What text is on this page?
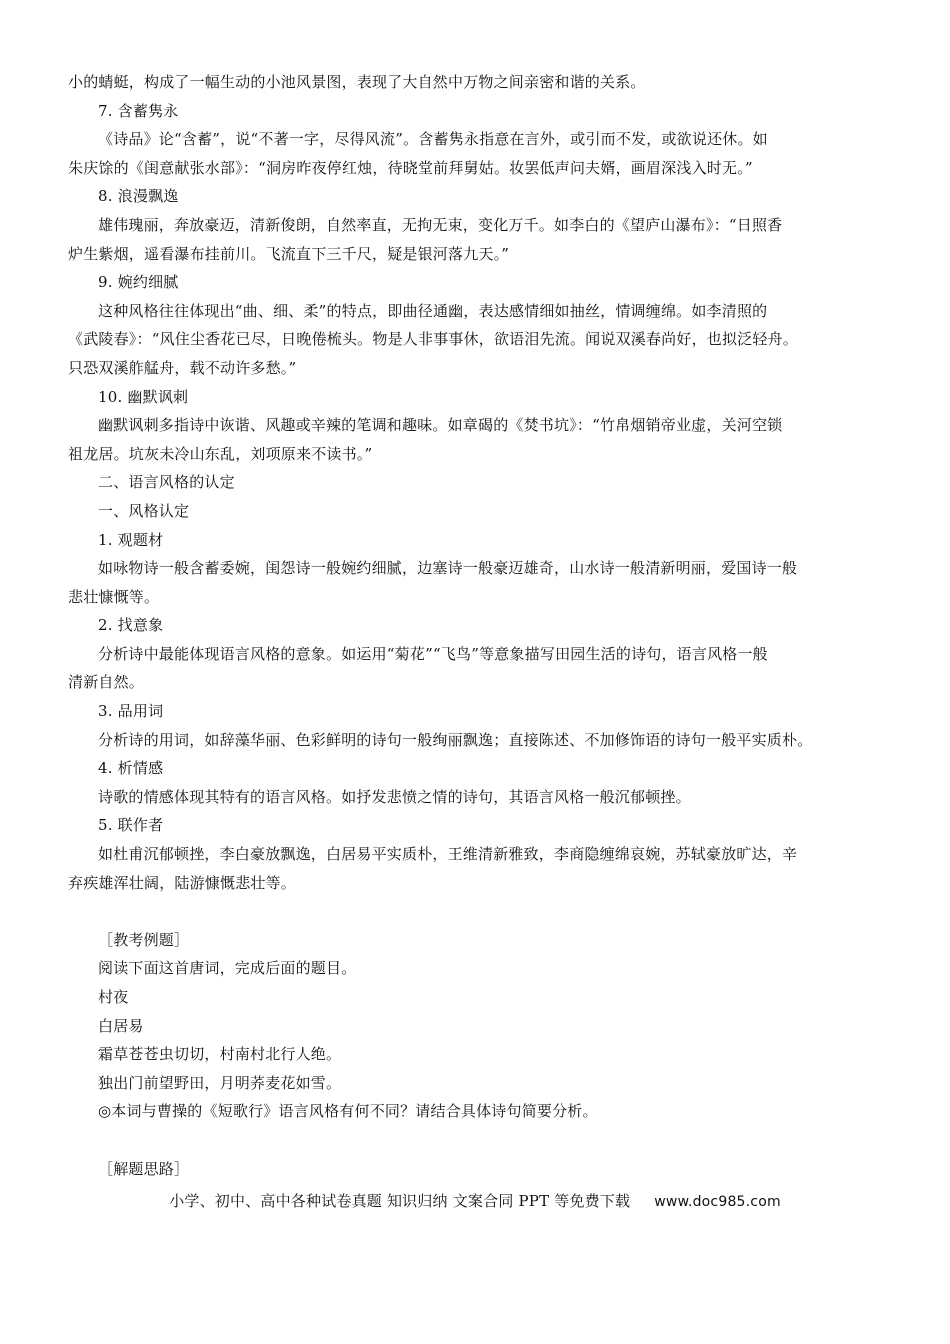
小的蜻蜓，构成了一幅生动的小池风景图，表现了大自然中万物之间亲密和谐的关系。
7. 含蓄隽永
《诗品》论“含蓄”，说“不著一字，尽得风流”。含蓄隽永指意在言外，或引而不发，或欲说还休。如
朱庆馀的《闺意献张水部》：“洞房昨夜停红烛，待晓堂前拜舅姑。妆罢低声问夫婿，画眉深浅入时无。”
8. 浪漫飘逸
雄伟瑰丽，奔放豪迈，清新俊朗，自然率直，无拘无束，变化万千。如李白的《望庐山瀑布》：“日照香
炉生紫烟，遥看瀑布挂前川。飞流直下三千尺，疑是银河落九天。”
9. 婉约细腻
这种风格往往体现出“曲、细、柔”的特点，即曲径通幽，表达感情细如抽丝，情调缠绵。如李清照的
《武陵春》：“风住尘香花已尽，日晚倦梳头。物是人非事事休，欲语泪先流。闻说双溪春尚好，也拟泛轻舟。
只恐双溪舴艋舟，载不动许多愁。”
10. 幽默讽刺
幽默讽刺多指诗中诙谐、风趣或辛辣的笔调和趣味。如章碣的《焚书坑》：“竹帛烟销帝业虚，关河空锁
祖龙居。坑灰未冷山东乱，刘项原来不读书。”
二、语言风格的认定
一、风格认定
1. 观题材
如咏物诗一般含蓄委婉，闺怨诗一般婉约细腻，边塞诗一般豪迈雄奇，山水诗一般清新明丽，爱国诗一般
悲壮慷慨等。
2. 找意象
分析诗中最能体现语言风格的意象。如运用“菊花”“飞鸟”等意象描写田园生活的诗句，语言风格一般
清新自然。
3. 品用词
分析诗的用词，如辞藻华丽、色彩鲜明的诗句一般绚丽飘逸；直接陈述、不加修饰语的诗句一般平实质朴。
4. 析情感
诗歌的情感体现其特有的语言风格。如抒发悲愤之情的诗句，其语言风格一般沉郁顿挫。
5. 联作者
如杜甫沉郁顿挫，李白豪放飘逸，白居易平实质朴，王维清新雅致，李商隐缠绵哀婉，苏轼豪放旷达，辛
弃疾雄浑壮阔，陆游慷慨悲壮等。
［教考例题］
阅读下面这首唐词，完成后面的题目。
村夜
白居易
霜草苍苍虫切切，村南村北行人绝。
独出门前望野田，月明荞麦花如雪。
◎本词与曹操的《短歌行》语言风格有何不同？请结合具体诗句简要分析。
［解题思路］
小学、初中、高中各种试卷真题 知识归纳 文案合同 PPT 等免费下载 www.doc985.com
